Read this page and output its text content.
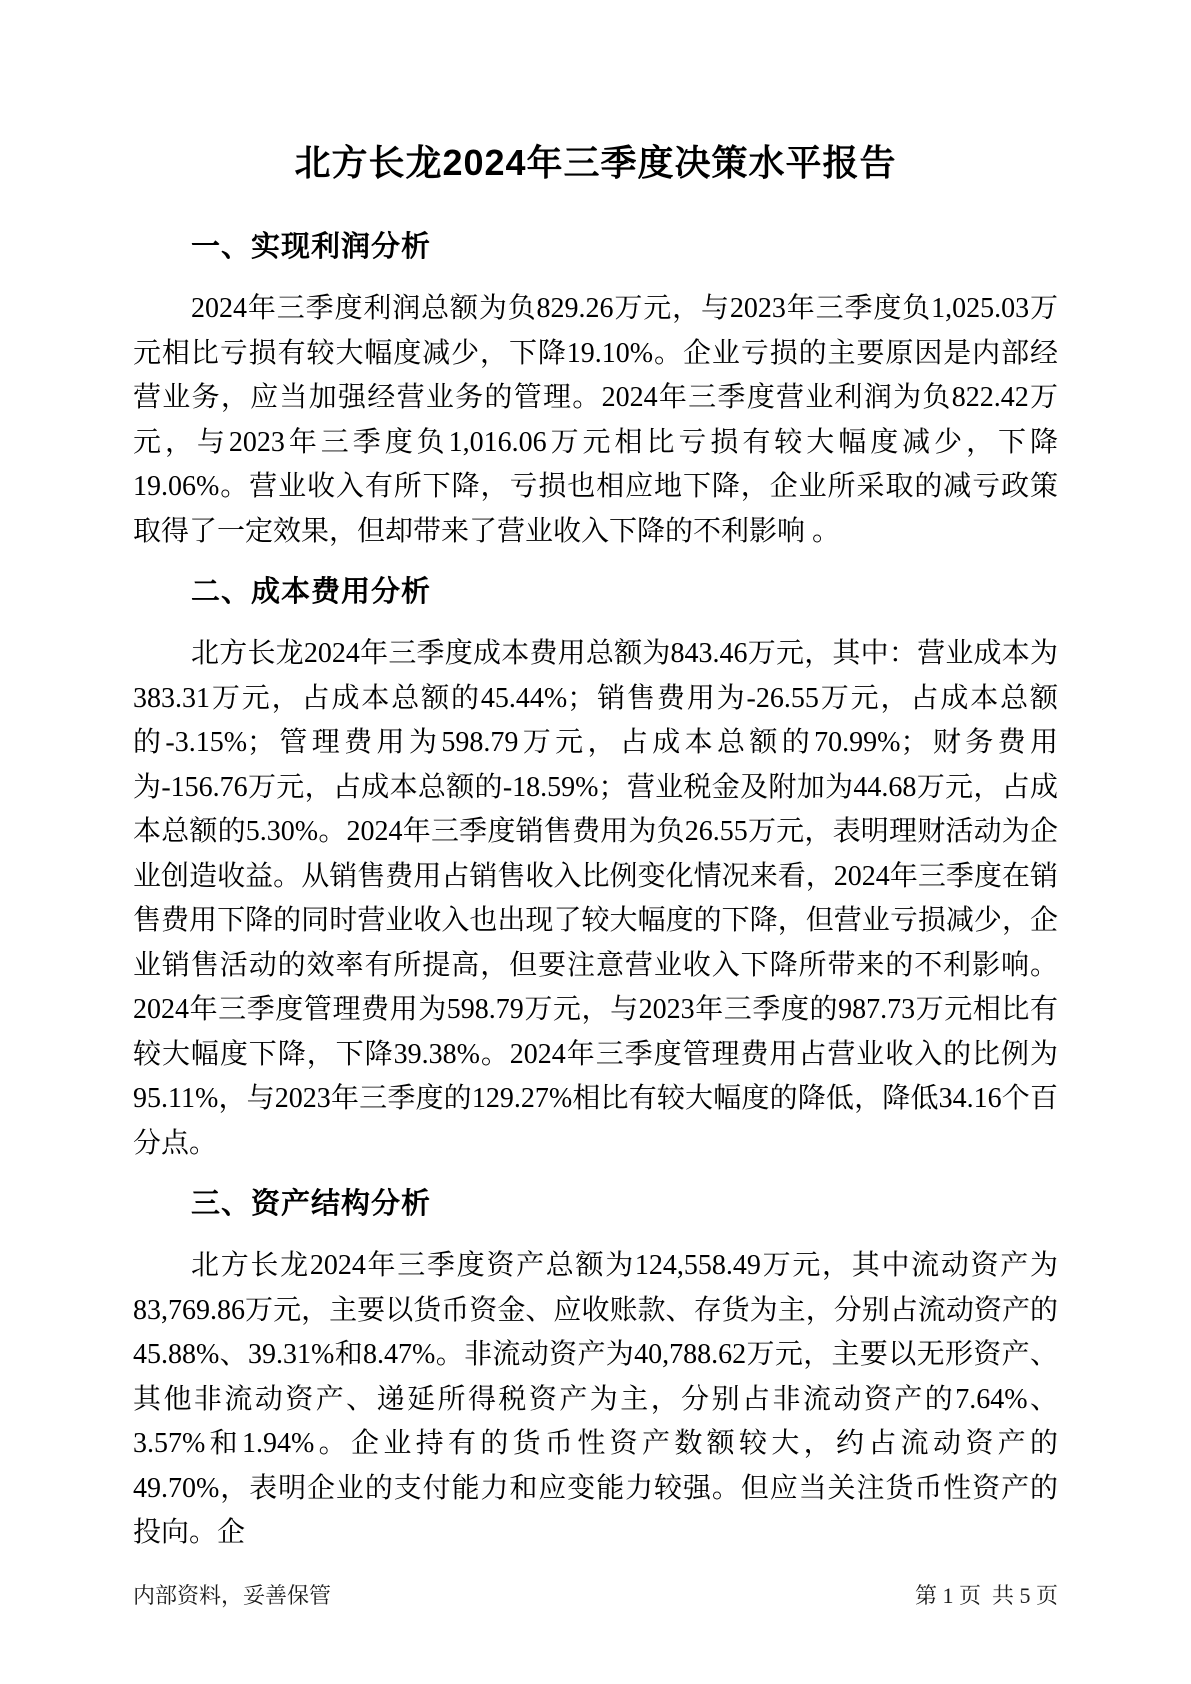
北方长龙2024年三季度决策水平报告
一、实现利润分析

2024年三季度利润总额为负829.26万元，与2023年三季度负1,025.03万元相比亏损有较大幅度减少，下降19.10%。企业亏损的主要原因是内部经营业务，应当加强经营业务的管理。2024年三季度营业利润为负822.42万元，与2023年三季度负1,016.06万元相比亏损有较大幅度减少，下降19.06%。营业收入有所下降，亏损也相应地下降，企业所采取的减亏政策取得了一定效果，但却带来了营业收入下降的不利影响 。

二、成本费用分析

北方长龙2024年三季度成本费用总额为843.46万元，其中：营业成本为383.31万元，占成本总额的45.44%；销售费用为-26.55万元，占成本总额的-3.15%；管理费用为598.79万元，占成本总额的70.99%；财务费用为-156.76万元，占成本总额的-18.59%；营业税金及附加为44.68万元，占成本总额的5.30%。2024年三季度销售费用为负26.55万元，表明理财活动为企业创造收益。从销售费用占销售收入比例变化情况来看，2024年三季度在销售费用下降的同时营业收入也出现了较大幅度的下降，但营业亏损减少，企业销售活动的效率有所提高，但要注意营业收入下降所带来的不利影响。2024年三季度管理费用为598.79万元，与2023年三季度的987.73万元相比有较大幅度下降，下降39.38%。2024年三季度管理费用占营业收入的比例为95.11%，与2023年三季度的129.27%相比有较大幅度的降低，降低34.16个百分点。

三、资产结构分析

北方长龙2024年三季度资产总额为124,558.49万元，其中流动资产为83,769.86万元，主要以货币资金、应收账款、存货为主，分别占流动资产的45.88%、39.31%和8.47%。非流动资产为40,788.62万元，主要以无形资产、其他非流动资产、递延所得税资产为主，分别占非流动资产的7.64%、3.57%和1.94%。企业持有的货币性资产数额较大，约占流动资产的49.70%，表明企业的支付能力和应变能力较强。但应当关注货币性资产的投向。企

内部资料，妥善保管	第 1 页  共 5 页
